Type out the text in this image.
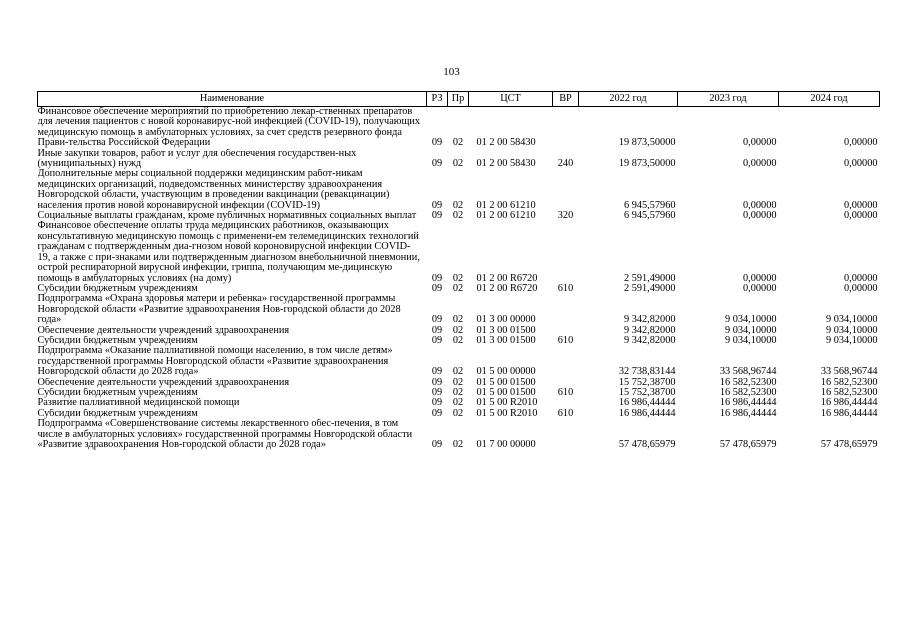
103
Наименование	РЗ	Пр	ЦСТ	ВР	2022 год	2023 год	2024 год
Финансовое обеспечение мероприятий по приобретению лекар-ственных препаратов для лечения пациентов с новой коронавирус-ной инфекцией (COVID-19), получающих медицинскую помощь в амбулаторных условиях, за счет средств резервного фонда Прави-тельства Российской Федерации	09	02	01 2 00 58430		19 873,50000	0,00000	0,00000
Иные закупки товаров, работ и услуг для обеспечения государствен-ных (муниципальных) нужд	09	02	01 2 00 58430	240	19 873,50000	0,00000	0,00000
Дополнительные меры социальной поддержки медицинским работ-никам медицинских организаций, подведомственных министерству здравоохранения Новгородской области, участвующим в проведении вакцинации (ревакцинации) населения против новой коронавирусной инфекции (COVID-19)	09	02	01 2 00 61210		6 945,57960	0,00000	0,00000
Социальные выплаты гражданам, кроме публичных нормативных социальных выплат	09	02	01 2 00 61210	320	6 945,57960	0,00000	0,00000
Финансовое обеспечение оплаты труда медицинских работников, оказывающих консультативную медицинскую помощь с применени-ем телемедицинских технологий гражданам с подтвержденным диа-гнозом новой короновирусной инфекции COVID-19, а также с при-знаками или подтвержденным диагнозом внебольничной пневмонии, острой респираторной вирусной инфекции, гриппа, получающим ме-дицинскую помощь в амбулаторных условиях (на дому)	09	02	01 2 00 R6720		2 591,49000	0,00000	0,00000
Субсидии бюджетным учреждениям	09	02	01 2 00 R6720	610	2 591,49000	0,00000	0,00000
Подпрограмма «Охрана здоровья матери и ребенка» государственной программы Новгородской области «Развитие здравоохранения Нов-городской области до 2028 года»	09	02	01 3 00 00000		9 342,82000	9 034,10000	9 034,10000
Обеспечение деятельности учреждений здравоохранения	09	02	01 3 00 01500		9 342,82000	9 034,10000	9 034,10000
Субсидии бюджетным учреждениям	09	02	01 3 00 01500	610	9 342,82000	9 034,10000	9 034,10000
Подпрограмма «Оказание паллиативной помощи населению, в том числе детям» государственной программы Новгородской области «Развитие здравоохранения Новгородской области до 2028 года»	09	02	01 5 00 00000		32 738,83144	33 568,96744	33 568,96744
Обеспечение деятельности учреждений здравоохранения	09	02	01 5 00 01500		15 752,38700	16 582,52300	16 582,52300
Субсидии бюджетным учреждениям	09	02	01 5 00 01500	610	15 752,38700	16 582,52300	16 582,52300
Развитие паллиативной медицинской помощи	09	02	01 5 00 R2010		16 986,44444	16 986,44444	16 986,44444
Субсидии бюджетным учреждениям	09	02	01 5 00 R2010	610	16 986,44444	16 986,44444	16 986,44444
Подпрограмма «Совершенствование системы лекарственного обес-печения, в том числе в амбулаторных условиях» государственной программы Новгородской области «Развитие здравоохранения Нов-городской области до 2028 года»	09	02	01 7 00 00000		57 478,65979	57 478,65979	57 478,65979
